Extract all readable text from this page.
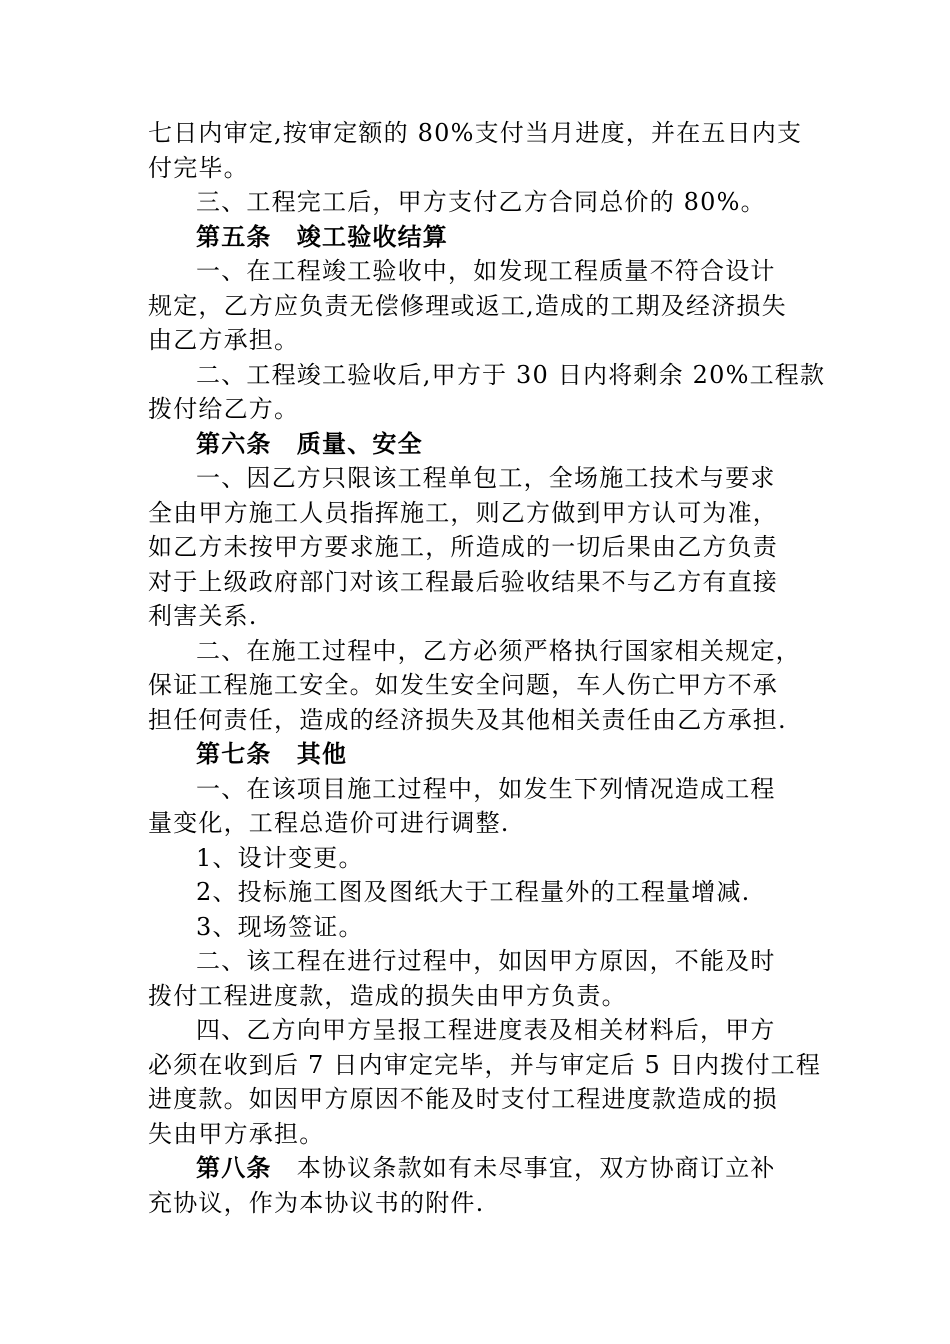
七日内审定,按审定额的 80%支付当月进度，并在五日内支
付完毕。
三、工程完工后，甲方支付乙方合同总价的 80%。
第五条　竣工验收结算
一、在工程竣工验收中，如发现工程质量不符合设计
规定，乙方应负责无偿修理或返工,造成的工期及经济损失
由乙方承担。
二、工程竣工验收后,甲方于 30 日内将剩余 20%工程款
拨付给乙方。
第六条　质量、安全
一、因乙方只限该工程单包工，全场施工技术与要求
全由甲方施工人员指挥施工，则乙方做到甲方认可为准，
如乙方未按甲方要求施工，所造成的一切后果由乙方负责
对于上级政府部门对该工程最后验收结果不与乙方有直接
利害关系.
二、在施工过程中，乙方必须严格执行国家相关规定，
保证工程施工安全。如发生安全问题，车人伤亡甲方不承
担任何责任，造成的经济损失及其他相关责任由乙方承担.
第七条　其他
一、在该项目施工过程中，如发生下列情况造成工程
量变化，工程总造价可进行调整.
1、设计变更。
2、投标施工图及图纸大于工程量外的工程量增减.
3、现场签证。
二、该工程在进行过程中，如因甲方原因，不能及时
拨付工程进度款，造成的损失由甲方负责。
四、乙方向甲方呈报工程进度表及相关材料后，甲方
必须在收到后 7 日内审定完毕，并与审定后 5 日内拨付工程
进度款。如因甲方原因不能及时支付工程进度款造成的损
失由甲方承担。
第八条　本协议条款如有未尽事宜，双方协商订立补
充协议，作为本协议书的附件.
